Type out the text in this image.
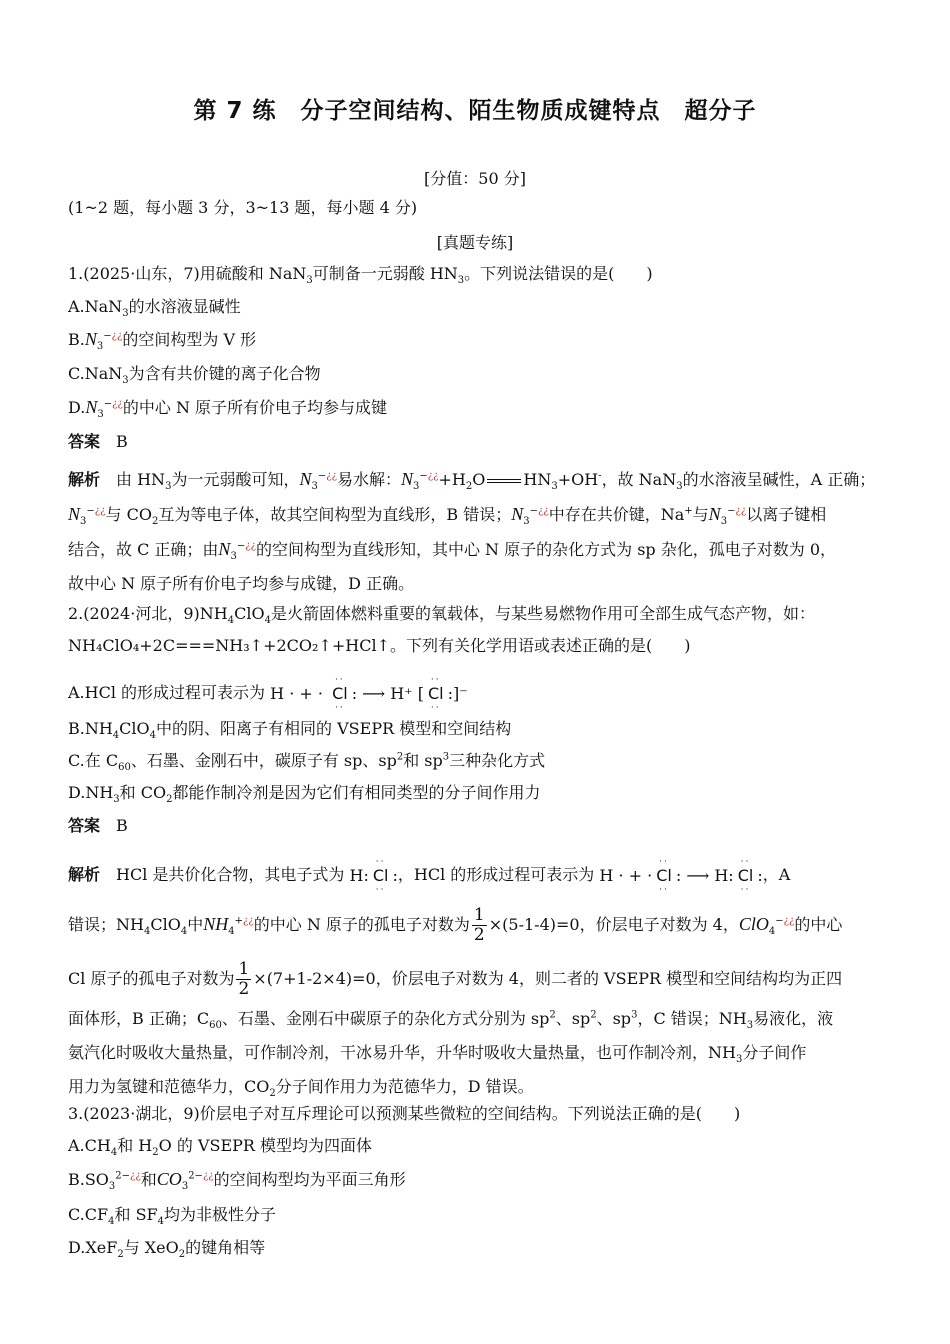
第 7 练　分子空间结构、陌生物质成键特点　超分子
[分值：50 分]
(1~2 题，每小题 3 分，3~13 题，每小题 4 分)
[真题专练]
1.(2025·山东，7)用硫酸和 NaN$_3$可制备一元弱酸 $HN_3$。下列说法错误的是(　　)
A.NaN$_3$的水溶液显碱性
$B.N_3^{-¿¿}$的空间构型为 V 形
C.NaN$_3$为含有共价键的离子化合物
$D.N_3^{-¿¿}$的中心 N 原子所有价电子均参与成键
答案 B
解析 由 $HN_3$为一元弱酸可知，$N_3^{-¿¿}$易水解：$N_3^{-¿¿}+H_2O$ $HN_3+OH^-$，故 NaN$_3$的水溶液呈碱性，A 正确；
$N_3^{-¿¿}$与 $CO_2$互为等电子体，故其空间构型为直线形，B 错误；$N_3^{-¿¿}$中存在共价键，Na+与$N_3^{-¿¿}$以离子键相
结合，故 C 正确；由$N_3^{-¿¿}$的空间构型为直线形知，其中心 N 原子的杂化方式为 sp 杂化，孤电子对数为 0，
故中心 N 原子所有价电子均参与成键，D 正确。
2.(2024·河北，$9)NH_4ClO_4$是火箭固体燃料重要的氧载体，与某些易燃物作用可全部生成气态产物，如：
NH₄ClO₄+2C===NH₃↑+2CO₂↑+HCl↑。下列有关化学用语或表述正确的是(　　)
A.HCl 的形成过程可表示为 H · + ·
··
Cl
··
: ⟶ H⁺ [
··
Cl
··
:]⁻
$B.NH_4ClO_4$中的阴、阳离子有相同的 VSEPR 模型和空间结构
C.在 $C_{60}$、石墨、金刚石中，碳原子有 sp、$sp^2$和 $sp^3$三种杂化方式
$D.NH_3$和 $CO_2$都能作制冷剂是因为它们有相同类型的分子间作用力
答案 B
解析 HCl 是共价化合物，其电子式为 H:
··
Cl
··
:，HCl 的形成过程可表示为 H · + ·
··
Cl
··
: ⟶ H:
··
Cl
··
:，A
错误；$NH_4ClO_4$中$NH_4^{+¿¿}$的中心 N 原子的孤电子对数为 $\frac{1}{2} \times(5-1-4)=0$，价层电子对数为 4，ClO$_4$−¿¿的中心
Cl 原子的孤电子对数为 $\frac{1}{2} \times(7+1-2\times 4)=0$，价层电子对数为 4，则二者的 VSEPR 模型和空间结构均为正四
面体形，B 正确；$C_{60}$、石墨、金刚石中碳原子的杂化方式分别为 $sp^2$、$sp^2$、$sp^3$，C 错误；$NH_3$易液化，液
氨汽化时吸收大量热量，可作制冷剂，干冰易升华，升华时吸收大量热量，也可作制冷剂，$NH_3$分子间作
用力为氢键和范德华力，$CO_2$分子间作用力为范德华力，D 错误。
3.(2023·湖北，9)价层电子对互斥理论可以预测某些微粒的空间结构。下列说法正确的是(　　)
$A.CH_4$和 $H_2O$ 的 VSEPR 模型均为四面体
$B.SO_3^{2-¿¿}$和$CO_3^{2-¿¿}$的空间构型均为平面三角形
$C.CF_4$和 $SF_4$均为非极性分子
D.XeF$_2$与 XeO$_2$的键角相等
